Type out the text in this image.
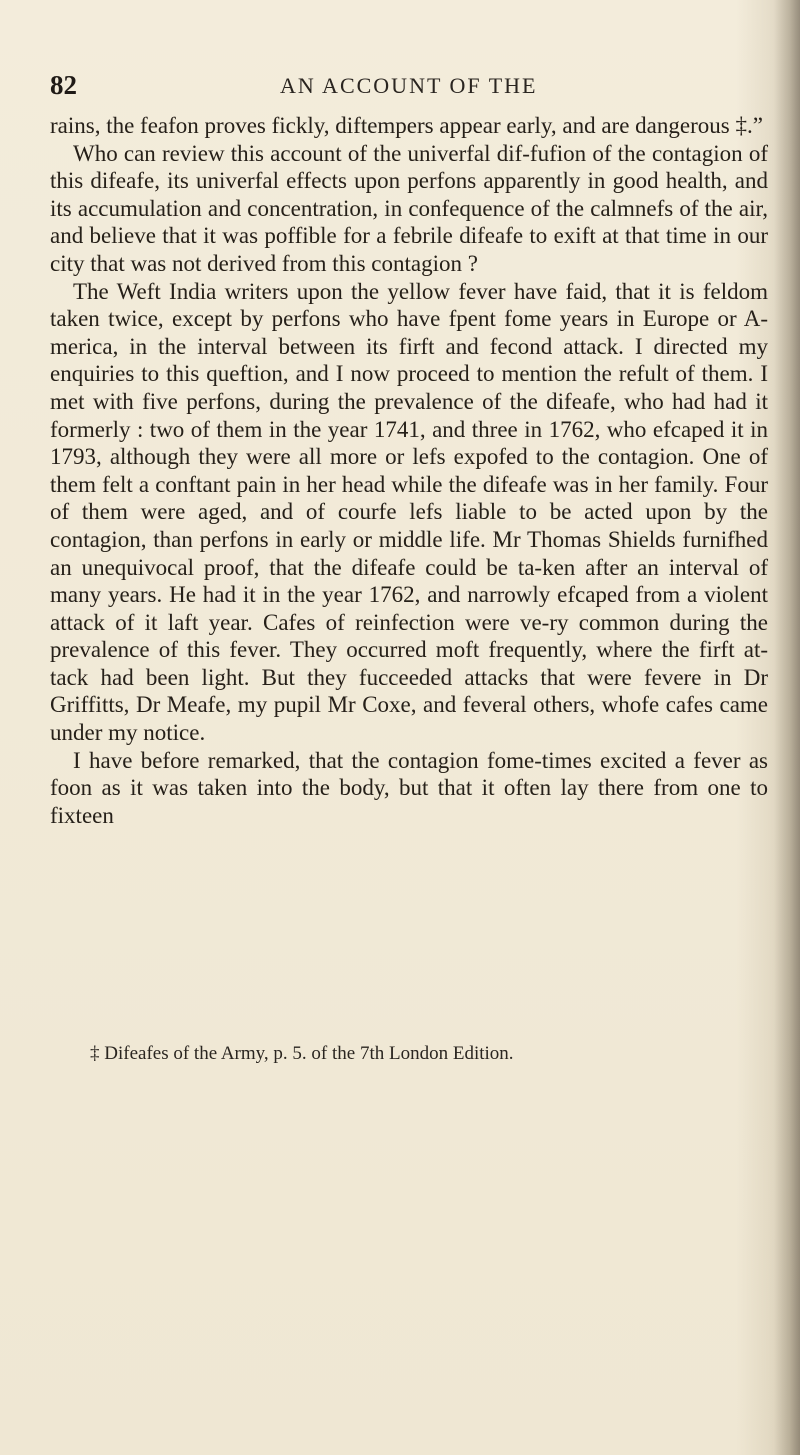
82	AN ACCOUNT OF THE

rains, the feafon proves fickly, diftempers appear early, and are dangerous ‡.”

Who can review this account of the univerfal dif-fufion of the contagion of this difeafe, its univerfal effects upon perfons apparently in good health, and its accumulation and concentration, in confequence of the calmnefs of the air, and believe that it was poffible for a febrile difeafe to exift at that time in our city that was not derived from this contagion ?

The Weft India writers upon the yellow fever have faid, that it is feldom taken twice, except by perfons who have fpent fome years in Europe or A-merica, in the interval between its firft and fecond attack. I directed my enquiries to this queftion, and I now proceed to mention the refult of them. I met with five perfons, during the prevalence of the difeafe, who had had it formerly : two of them in the year 1741, and three in 1762, who efcaped it in 1793, although they were all more or lefs expofed to the contagion. One of them felt a conftant pain in her head while the difeafe was in her family. Four of them were aged, and of courfe lefs liable to be acted upon by the contagion, than perfons in early or middle life. Mr Thomas Shields furnifhed an unequivocal proof, that the difeafe could be ta-ken after an interval of many years. He had it in the year 1762, and narrowly efcaped from a violent attack of it laft year. Cafes of reinfection were ve-ry common during the prevalence of this fever. They occurred moft frequently, where the firft at-tack had been light. But they fucceeded attacks that were fevere in Dr Griffitts, Dr Meafe, my pupil Mr Coxe, and feveral others, whofe cafes came under my notice.

I have before remarked, that the contagion fome-times excited a fever as foon as it was taken into the body, but that it often lay there from one to fixteen

‡ Difeafes of the Army, p. 5. of the 7th London Edition.
